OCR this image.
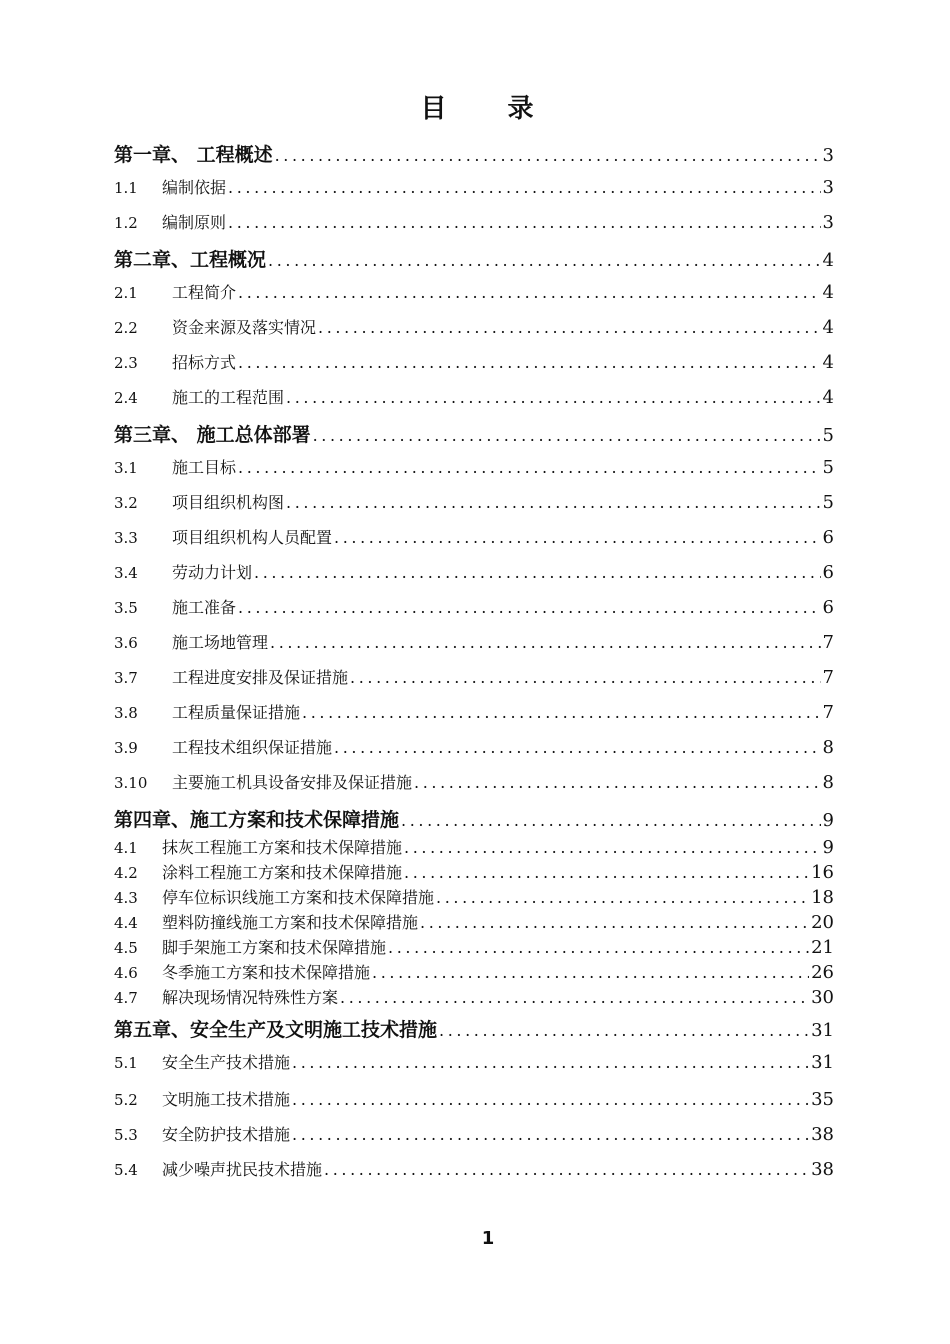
目 录
第一章、 工程概述 .....	3
1.1	编制依据 .....	3
1.2	编制原则 .....	3
第二章、工程概况 .....	4
2.1	工程简介 .....	4
2.2	资金来源及落实情况 .....	4
2.3	招标方式 .....	4
2.4	施工的工程范围 .....	4
第三章、 施工总体部署 .....	5
3.1	施工目标 .....	5
3.2	项目组织机构图 .....	5
3.3	项目组织机构人员配置 .....	6
3.4	劳动力计划 .....	6
3.5	施工准备 .....	6
3.6	施工场地管理 .....	7
3.7	工程进度安排及保证措施 .....	7
3.8	工程质量保证措施 .....	7
3.9	工程技术组织保证措施 .....	8
3.10	主要施工机具设备安排及保证措施 .....	8
第四章、施工方案和技术保障措施 .....	9
4.1	抹灰工程施工方案和技术保障措施 .....	9
4.2	涂料工程施工方案和技术保障措施 .....	16
4.3	停车位标识线施工方案和技术保障措施 .....	18
4.4	塑料防撞线施工方案和技术保障措施 .....	20
4.5	脚手架施工方案和技术保障措施 .....	21
4.6	冬季施工方案和技术保障措施 .....	26
4.7	解决现场情况特殊性方案 .....	30
第五章、安全生产及文明施工技术措施 .....	31
5.1	安全生产技术措施 .....	31
5.2	文明施工技术措施 .....	35
5.3	安全防护技术措施 .....	38
5.4	减少噪声扰民技术措施 .....	38
1
